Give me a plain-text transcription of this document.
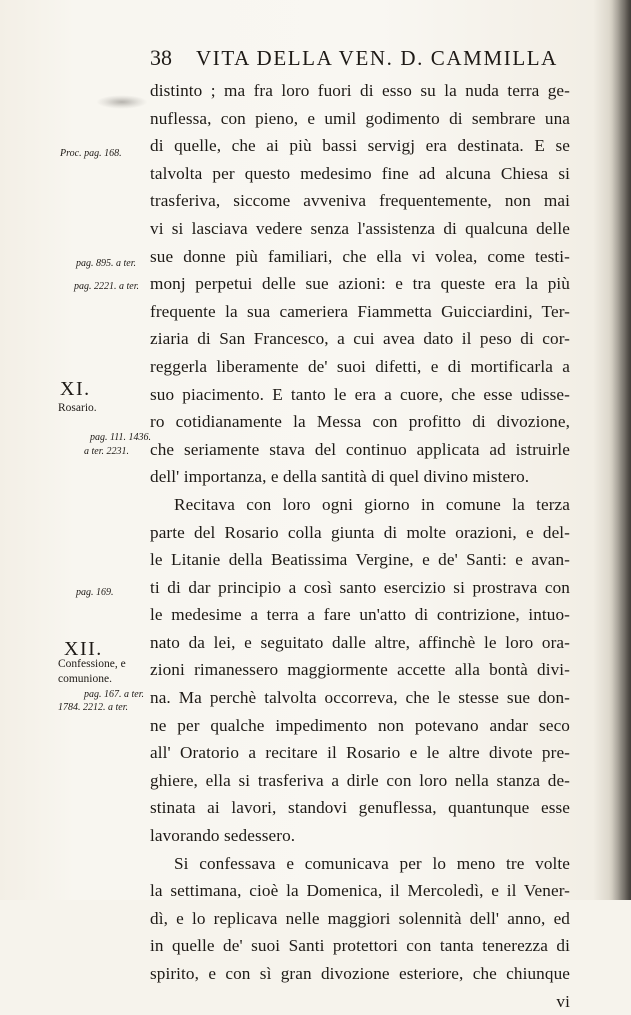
38 VITA DELLA VEN. D. CAMMILLA
Proc. pag. 168.
pag. 895. a ter.
pag. 2221. a ter.
XI.
Rosario.
pag. 111. 1436.
a ter. 2231.
pag. 169.
XII.
Confessione, e
comunione.
pag. 167. a ter.
1784. 2212. a ter.
distinto ; ma fra loro fuori di esso su la nuda terra ge-
nuflessa, con pieno, e umil godimento di sembrare una
di quelle, che ai più bassi servigj era destinata. E se
talvolta per questo medesimo fine ad alcuna Chiesa si
trasferiva, siccome avveniva frequentemente, non mai
vi si lasciava vedere senza l'assistenza di qualcuna delle
sue donne più familiari, che ella vi volea, come testi-
monj perpetui delle sue azioni: e tra queste era la più
frequente la sua cameriera Fiammetta Guicciardini, Ter-
ziaria di San Francesco, a cui avea dato il peso di cor-
reggerla liberamente de' suoi difetti, e di mortificarla a
suo piacimento. E tanto le era a cuore, che esse udisse-
ro cotidianamente la Messa con profitto di divozione,
che seriamente stava del continuo applicata ad istruirle
dell' importanza, e della santità di quel divino mistero.
Recitava con loro ogni giorno in comune la terza
parte del Rosario colla giunta di molte orazioni, e del-
le Litanie della Beatissima Vergine, e de' Santi: e avan-
ti di dar principio a così santo esercizio si prostrava con
le medesime a terra a fare un'atto di contrizione, intuo-
nato da lei, e seguitato dalle altre, affinchè le loro ora-
zioni rimanessero maggiormente accette alla bontà divi-
na. Ma perchè talvolta occorreva, che le stesse sue don-
ne per qualche impedimento non potevano andar seco
all' Oratorio a recitare il Rosario e le altre divote pre-
ghiere, ella si trasferiva a dirle con loro nella stanza de-
stinata ai lavori, standovi genuflessa, quantunque esse
lavorando sedessero.
Si confessava e comunicava per lo meno tre volte
la settimana, cioè la Domenica, il Mercoledì, e il Vener-
dì, e lo replicava nelle maggiori solennità dell' anno, ed
in quelle de' suoi Santi protettori con tanta tenerezza di
spirito, e con sì gran divozione esteriore, che chiunque
vi
